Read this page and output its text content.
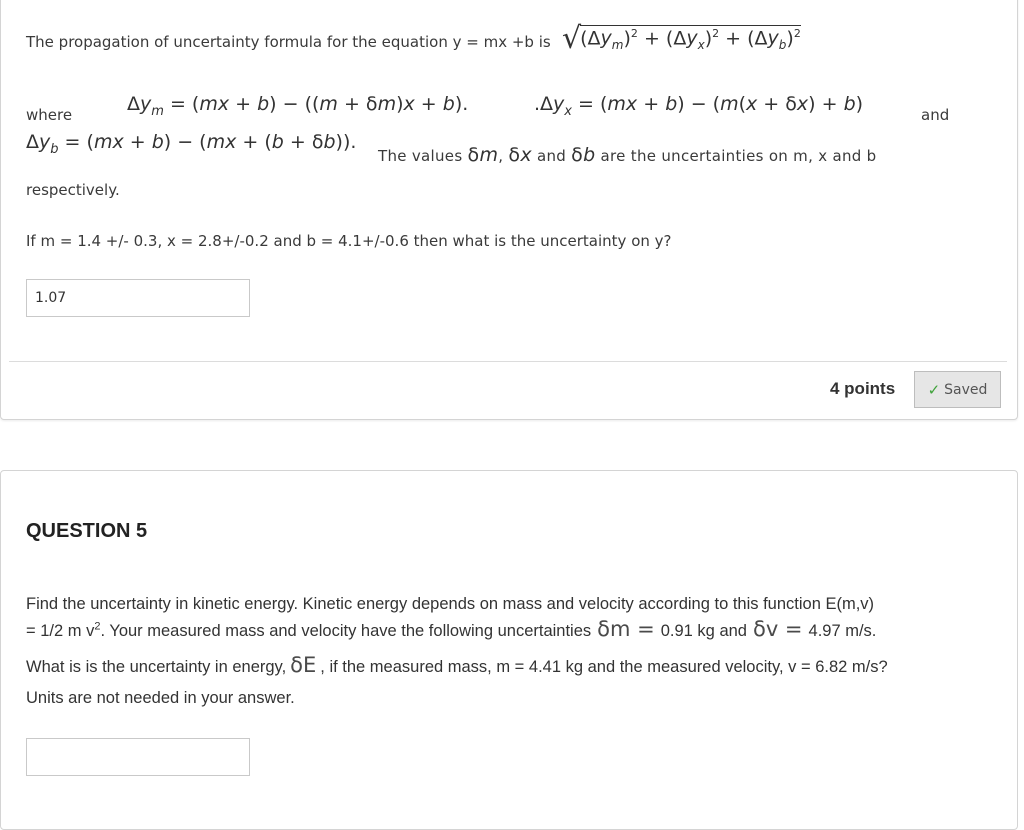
The propagation of uncertainty formula for the equation y = mx +b is $√(\Delta y_m)^2 + (\Delta y_x)^2 + (\Delta y_b)^2$
where	$\Delta y_m = (mx + b) - ((m + \delta m)x + b)$.	$.\Delta y_x = (mx + b) - (m(x + \delta x) + b)$	and
$\Delta y_b = (mx + b) - (mx + (b + \delta b))$.
The values δm, δx and δb are the uncertainties on m, x and b
respectively.
If m = 1.4 +/- 0.3, x = 2.8+/-0.2 and b = 4.1+/-0.6 then what is the uncertainty on y?
1.07
4 points ✓ Saved
QUESTION 5
Find the uncertainty in kinetic energy. Kinetic energy depends on mass and velocity according to this function E(m,v)
= 1/2 m $v^2$. Your measured mass and velocity have the following uncertainties δm = 0.91 kg and δv = 4.97 m/s.
What is is the uncertainty in energy, δE , if the measured mass, m = 4.41 kg and the measured velocity, v = 6.82 m/s?
Units are not needed in your answer.
